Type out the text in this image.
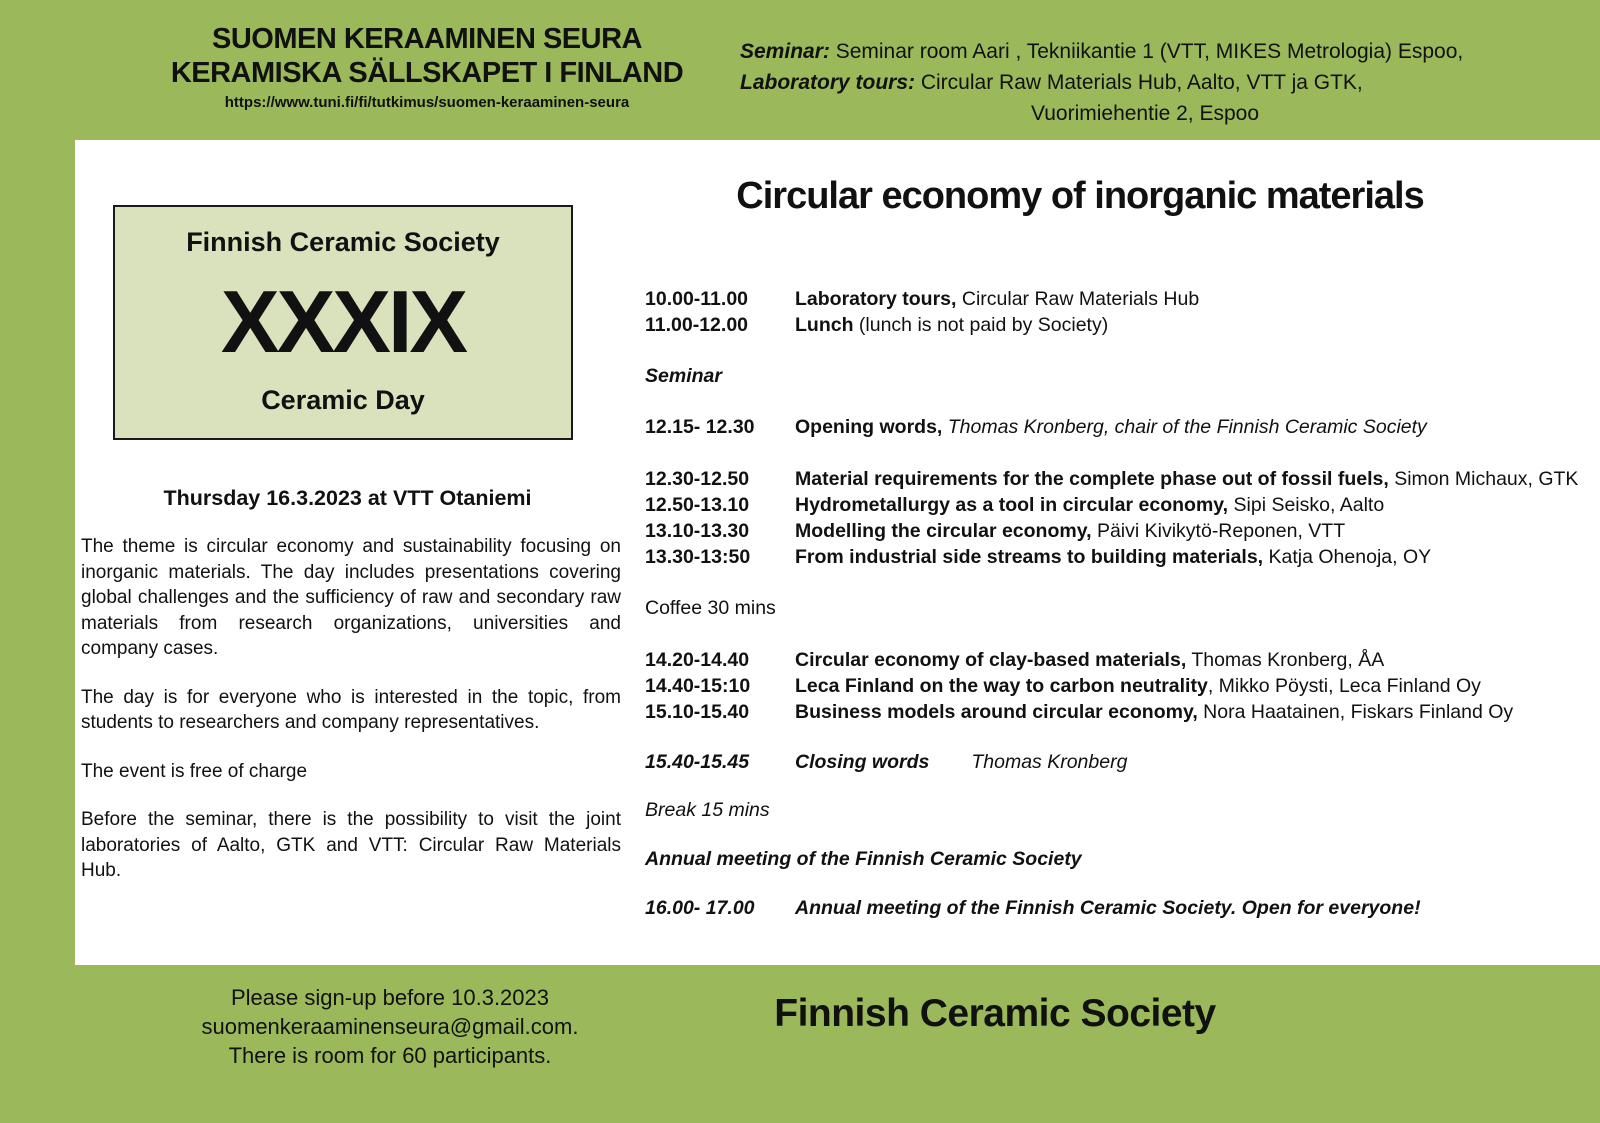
SUOMEN KERAAMINEN SEURA
KERAMISKA SÄLLSKAPET I FINLAND
https://www.tuni.fi/fi/tutkimus/suomen-keraaminen-seura
Seminar: Seminar room Aari , Tekniikantie 1 (VTT, MIKES Metrologia) Espoo,
Laboratory tours: Circular Raw Materials Hub, Aalto, VTT ja GTK,
Vuorimiehentie 2, Espoo
Finnish Ceramic Society
XXXIX
Ceramic Day
Thursday 16.3.2023 at VTT Otaniemi

The theme is circular economy and sustainability focusing on inorganic materials. The day includes presentations covering global challenges and the sufficiency of raw and secondary raw materials from research organizations, universities and company cases.

The day is for everyone who is interested in the topic, from students to researchers and company representatives.

The event is free of charge

Before the seminar, there is the possibility to visit the joint laboratories of Aalto, GTK and VTT: Circular Raw Materials Hub.

Circular economy of inorganic materials
10.00-11.00	Laboratory tours, Circular Raw Materials Hub
11.00-12.00	Lunch (lunch is not paid by Society)
Seminar
12.15- 12.30	Opening words, Thomas Kronberg, chair of the Finnish Ceramic Society
12.30-12.50	Material requirements for the complete phase out of fossil fuels, Simon Michaux, GTK
12.50-13.10	Hydrometallurgy as a tool in circular economy, Sipi Seisko, Aalto
13.10-13.30	Modelling the circular economy, Päivi Kivikytö-Reponen, VTT
13.30-13:50	From industrial side streams to building materials, Katja Ohenoja, OY
Coffee 30 mins
14.20-14.40	Circular economy of clay-based materials, Thomas Kronberg, ÅA
14.40-15:10	Leca Finland on the way to carbon neutrality, Mikko Pöysti, Leca Finland Oy
15.10-15.40	Business models around circular economy, Nora Haatainen, Fiskars Finland Oy
15.40-15.45	Closing words Thomas Kronberg
Break 15 mins
Annual meeting of the Finnish Ceramic Society
16.00- 17.00	Annual meeting of the Finnish Ceramic Society. Open for everyone!
Please sign-up before 10.3.2023
suomenkeraaminenseura@gmail.com.
There is room for 60 participants.
Finnish Ceramic Society
